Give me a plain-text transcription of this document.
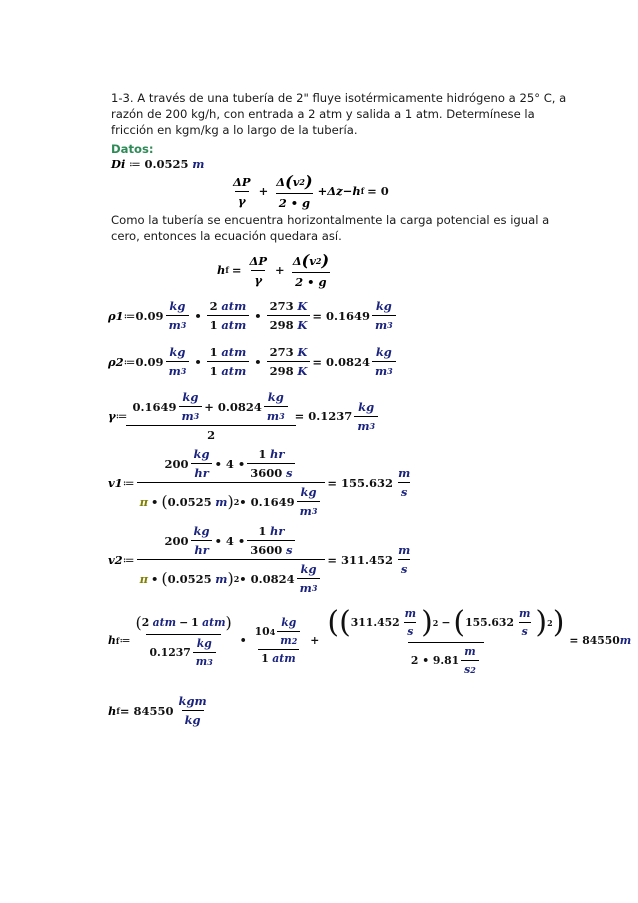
1-3. A través de una tubería de 2" fluye isotérmicamente hidrógeno a 25° C, a razón de 200 kg/h, con entrada a 2 atm y salida a 1 atm. Determínese la fricción en kgm/kg a lo largo de la tubería.
Datos:
Di ≔ 0.0525 m
$\frac{\Delta P}{\gamma} + \frac{\Delta ( v 2 )}{2 • g} +\Delta z- h$ f = 0
Como la tubería se encuentra horizontalmente la carga potencial es igual a cero, entonces la ecuación quedara así.
h $f = \frac{\Delta P}{\gamma} + \frac{\Delta ( v 2 )}{2 • g}$
ρ1 ≔ $0.09 \frac{kg}{m 3}$ • 2
atm
1
atm • 273
K
298
$K = 0.1649 \frac{kg}{m 3}$
ρ2 ≔ $0.09 \frac{kg}{m 3}$ • 1
atm
1
atm • 273
K
298
$K = 0.0824 \frac{kg}{m 3}$
γ ≔ $\frac{0.1649 \frac{kg}{m 3} + 0.0824 \frac{kg}{m 3}}{2} = 0.1237 \frac{kg}{m 3}$
v1 ≔ $200 \frac{kg}{hr}$ • 4 • 1
hr
3600
s
π • ( 0.0525
m ) 2 • $0.1649 \frac{kg}{m 3} = 155.632 \frac{m}{s}$
v2 ≔ $200 \frac{kg}{hr}$ • 4 • 1
hr
3600
s
π • ( 0.0525
m ) 2 • $0.0824 \frac{kg}{m 3} = 311.452 \frac{m}{s}$
h f ≔ ( 2
atm − 1
atm )
$0.1237 \frac{kg}{m 3}$ • 10 $4 \frac{kg}{m 2}$
1
atm +
( ( $311.452 \frac{m}{s}$ ) 2 − ( $155.632 \frac{m}{s}$ ) 2 )
2 • $9.81 \frac{m}{s 2}$
= 84550 m
h $f = 84550 \frac{\text{kgm}}{kg}$
